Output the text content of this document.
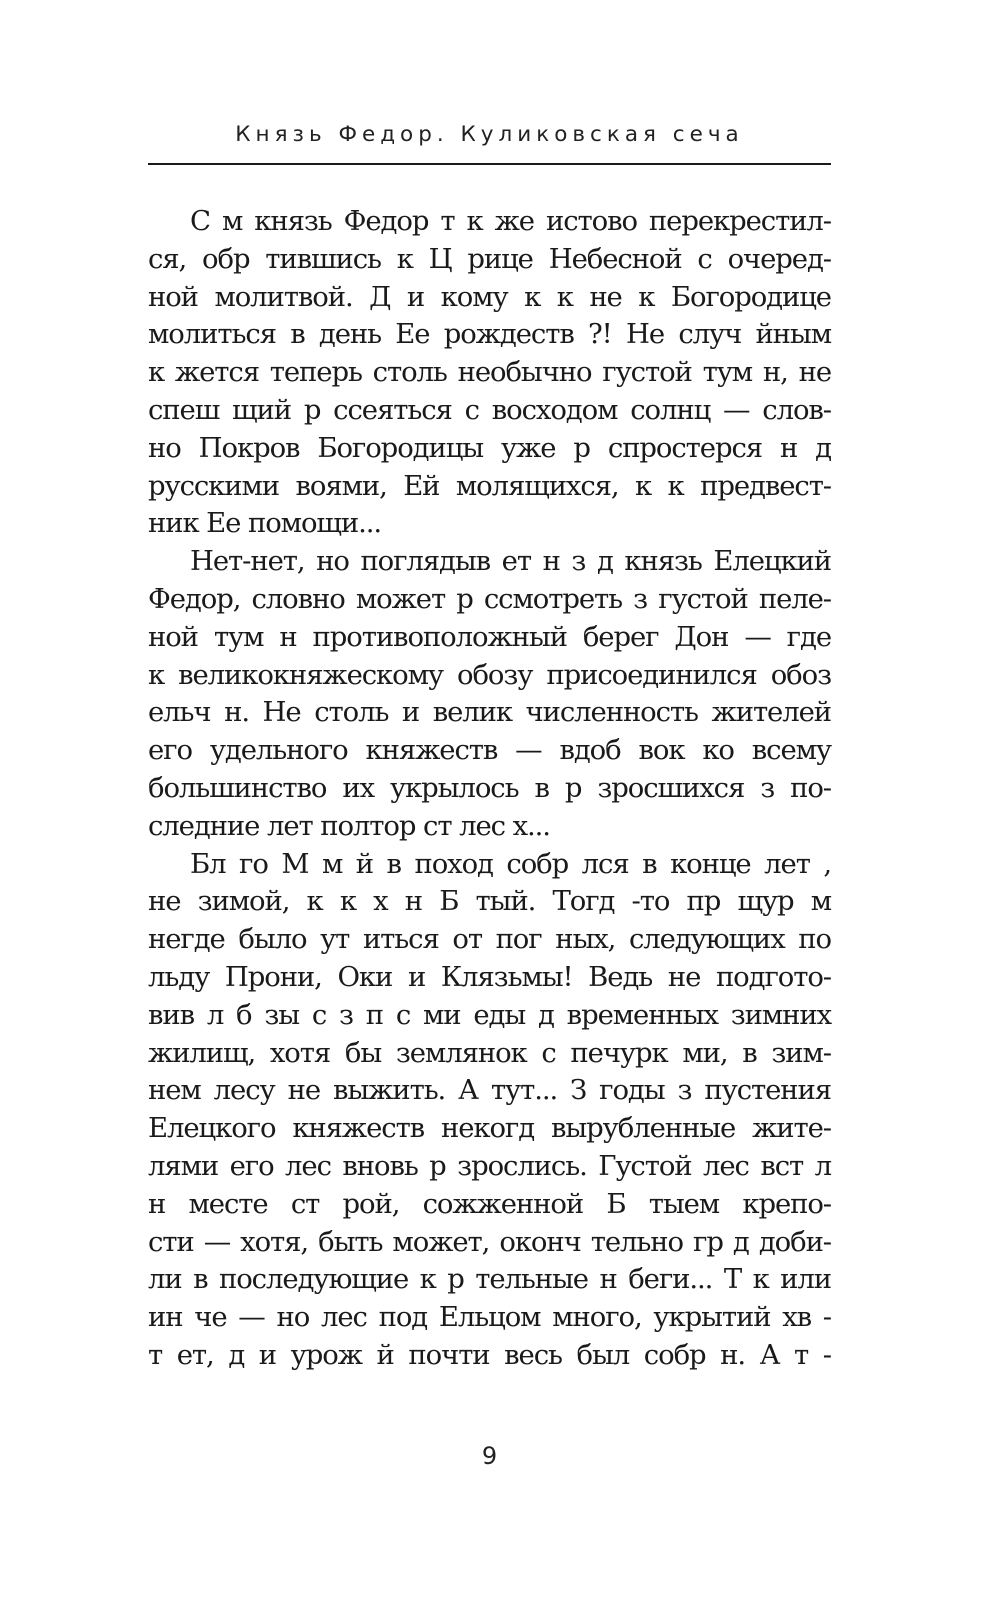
Князь Федор. Куликовская сеча
С м князь Федор т к же истово перекрестил-
ся, обр тившись к Ц рице Небесной с очеред-
ной молитвой. Д и кому к к не к Богородице
молиться в день Ее рождеств ?! Не случ йным
к жется теперь столь необычно густой тум н, не
спеш щий р ссеяться с восходом солнц — слов-
но Покров Богородицы уже р спростерся н д
русскими воями, Ей молящихся, к к предвест-
ник Ее помощи...
Нет-нет, но поглядыв ет н з д князь Елецкий
Федор, словно может р ссмотреть з густой пеле-
ной тум н противоположный берег Дон — где
к великокняжескому обозу присоединился обоз
ельч н. Не столь и велик численность жителей
его удельного княжеств — вдоб вок ко всему
большинство их укрылось в р зросшихся з по-
следние лет полтор ст лес х...
Бл го М м й в поход собр лся в конце лет ,
не зимой, к к х н Б тый. Тогд -то пр щур м
негде было ут иться от пог ных, следующих по
льду Прони, Оки и Клязьмы! Ведь не подгото-
вив л б зы с з п с ми еды д временных зимних
жилищ, хотя бы землянок с печурк ми, в зим-
нем лесу не выжить. А тут... З годы з пустения
Елецкого княжеств некогд вырубленные жите-
лями его лес вновь р зрослись. Густой лес вст л
н месте ст рой, сожженной Б тыем крепо-
сти — хотя, быть может, оконч тельно гр д доби-
ли в последующие к р тельные н беги... Т к или
ин че — но лес под Ельцом много, укрытий хв -
т ет, д и урож й почти весь был собр н. А т -
9
